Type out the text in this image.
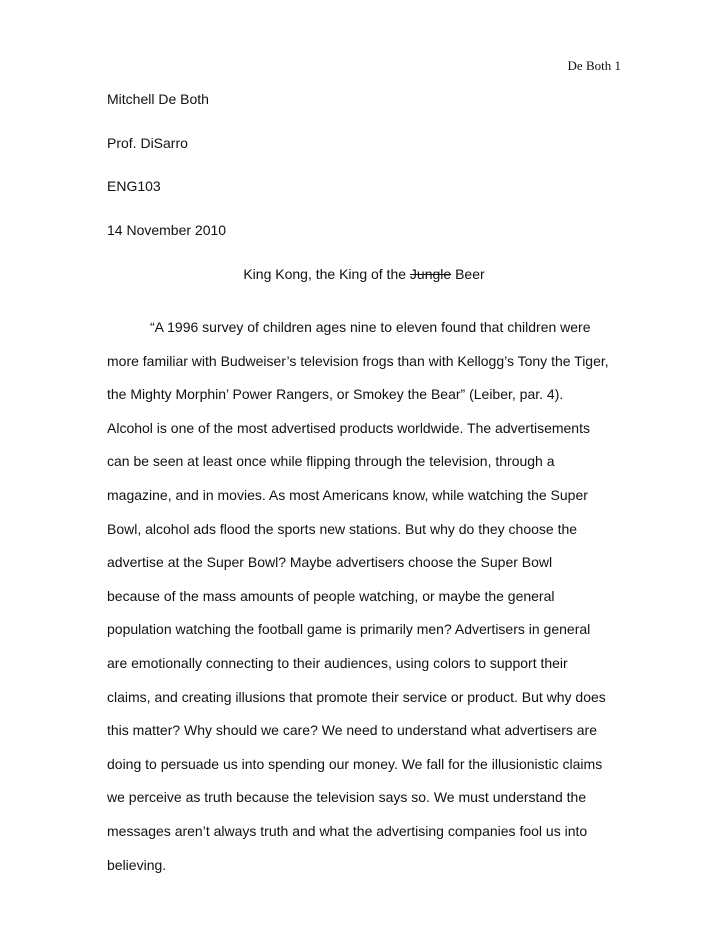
De Both 1
Mitchell De Both
Prof. DiSarro
ENG103
14 November 2010
King Kong, the King of the Jungle Beer
“A 1996 survey of children ages nine to eleven found that children were
more familiar with Budweiser’s television frogs than with Kellogg’s Tony the Tiger,
the Mighty Morphin’ Power Rangers, or Smokey the Bear” (Leiber, par. 4).
Alcohol is one of the most advertised products worldwide. The advertisements
can be seen at least once while flipping through the television, through a
magazine, and in movies. As most Americans know, while watching the Super
Bowl, alcohol ads flood the sports new stations. But why do they choose the
advertise at the Super Bowl? Maybe advertisers choose the Super Bowl
because of the mass amounts of people watching, or maybe the general
population watching the football game is primarily men? Advertisers in general
are emotionally connecting to their audiences, using colors to support their
claims, and creating illusions that promote their service or product. But why does
this matter? Why should we care? We need to understand what advertisers are
doing to persuade us into spending our money. We fall for the illusionistic claims
we perceive as truth because the television says so. We must understand the
messages aren’t always truth and what the advertising companies fool us into
believing.
